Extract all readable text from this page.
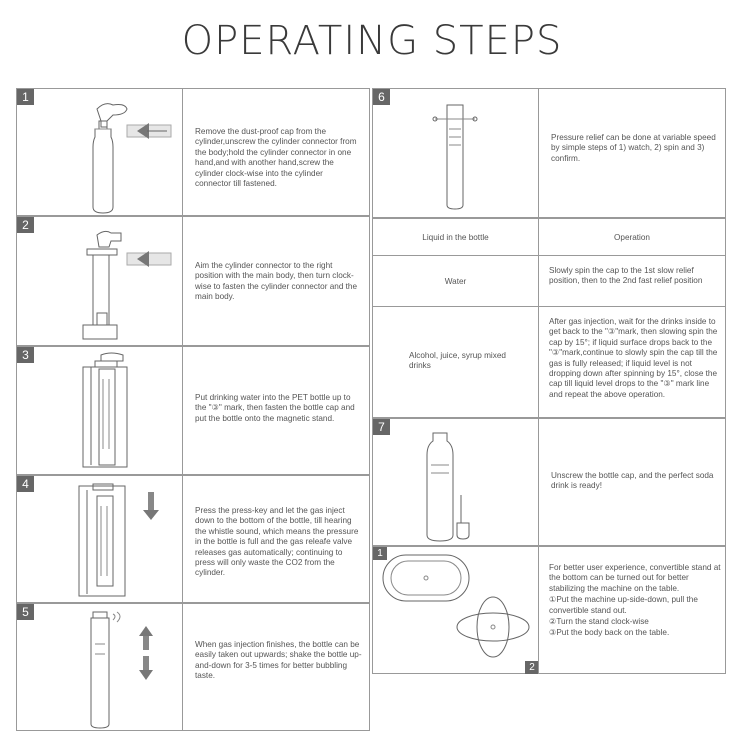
OPERATING STEPS
1
Remove the dust-proof cap from the cylinder,unscrew the cylinder connector from the body;hold the cylinder connector in one hand,and with another hand,screw the cylinder clock-wise into the cylinder connector till fastened.
2
Aim the cylinder connector to the right position with the main body, then turn clock-wise to fasten the cylinder connector and the main body.
3
Put drinking water into the PET bottle up to the "③" mark, then fasten the bottle cap and put the bottle onto the magnetic stand.
4
Press the press-key and let the gas inject down to the bottom of the bottle, till hearing the whistle sound, which means the pressure in the bottle is full and the gas releafe valve releases gas automatically; continuing to press will only waste the CO2 from the cylinder.
5
When gas injection finishes, the bottle can be easily taken out upwards; shake the bottle up-and-down for 3-5 times for better bubbling taste.
6
Pressure relief can be done at variable speed by simple steps of 1) watch, 2) spin and 3) confirm.
Liquid in the bottle	Operation
Water
Slowly spin the cap to the 1st slow relief position, then to the 2nd fast relief position
Alcohol, juice, syrup mixed drinks
After gas injection, wait for the drinks inside to get back to the "③"mark, then slowing spin the cap by 15°; if liquid surface drops back to the "③"mark,continue to slowly spin the cap till the gas is fully released; if liquid level is not dropping down after spinning by 15°, close the cap till liquid level drops to the "③" mark line and repeat the above operation.
7
Unscrew the bottle cap, and the perfect soda drink is ready!
1
2
For better user experience, convertible stand at the bottom can be turned out for better stabilizing the machine on the table.
①Put the machine up-side-down, pull the convertible stand out.
②Turn the stand clock-wise
③Put the body back on the table.
